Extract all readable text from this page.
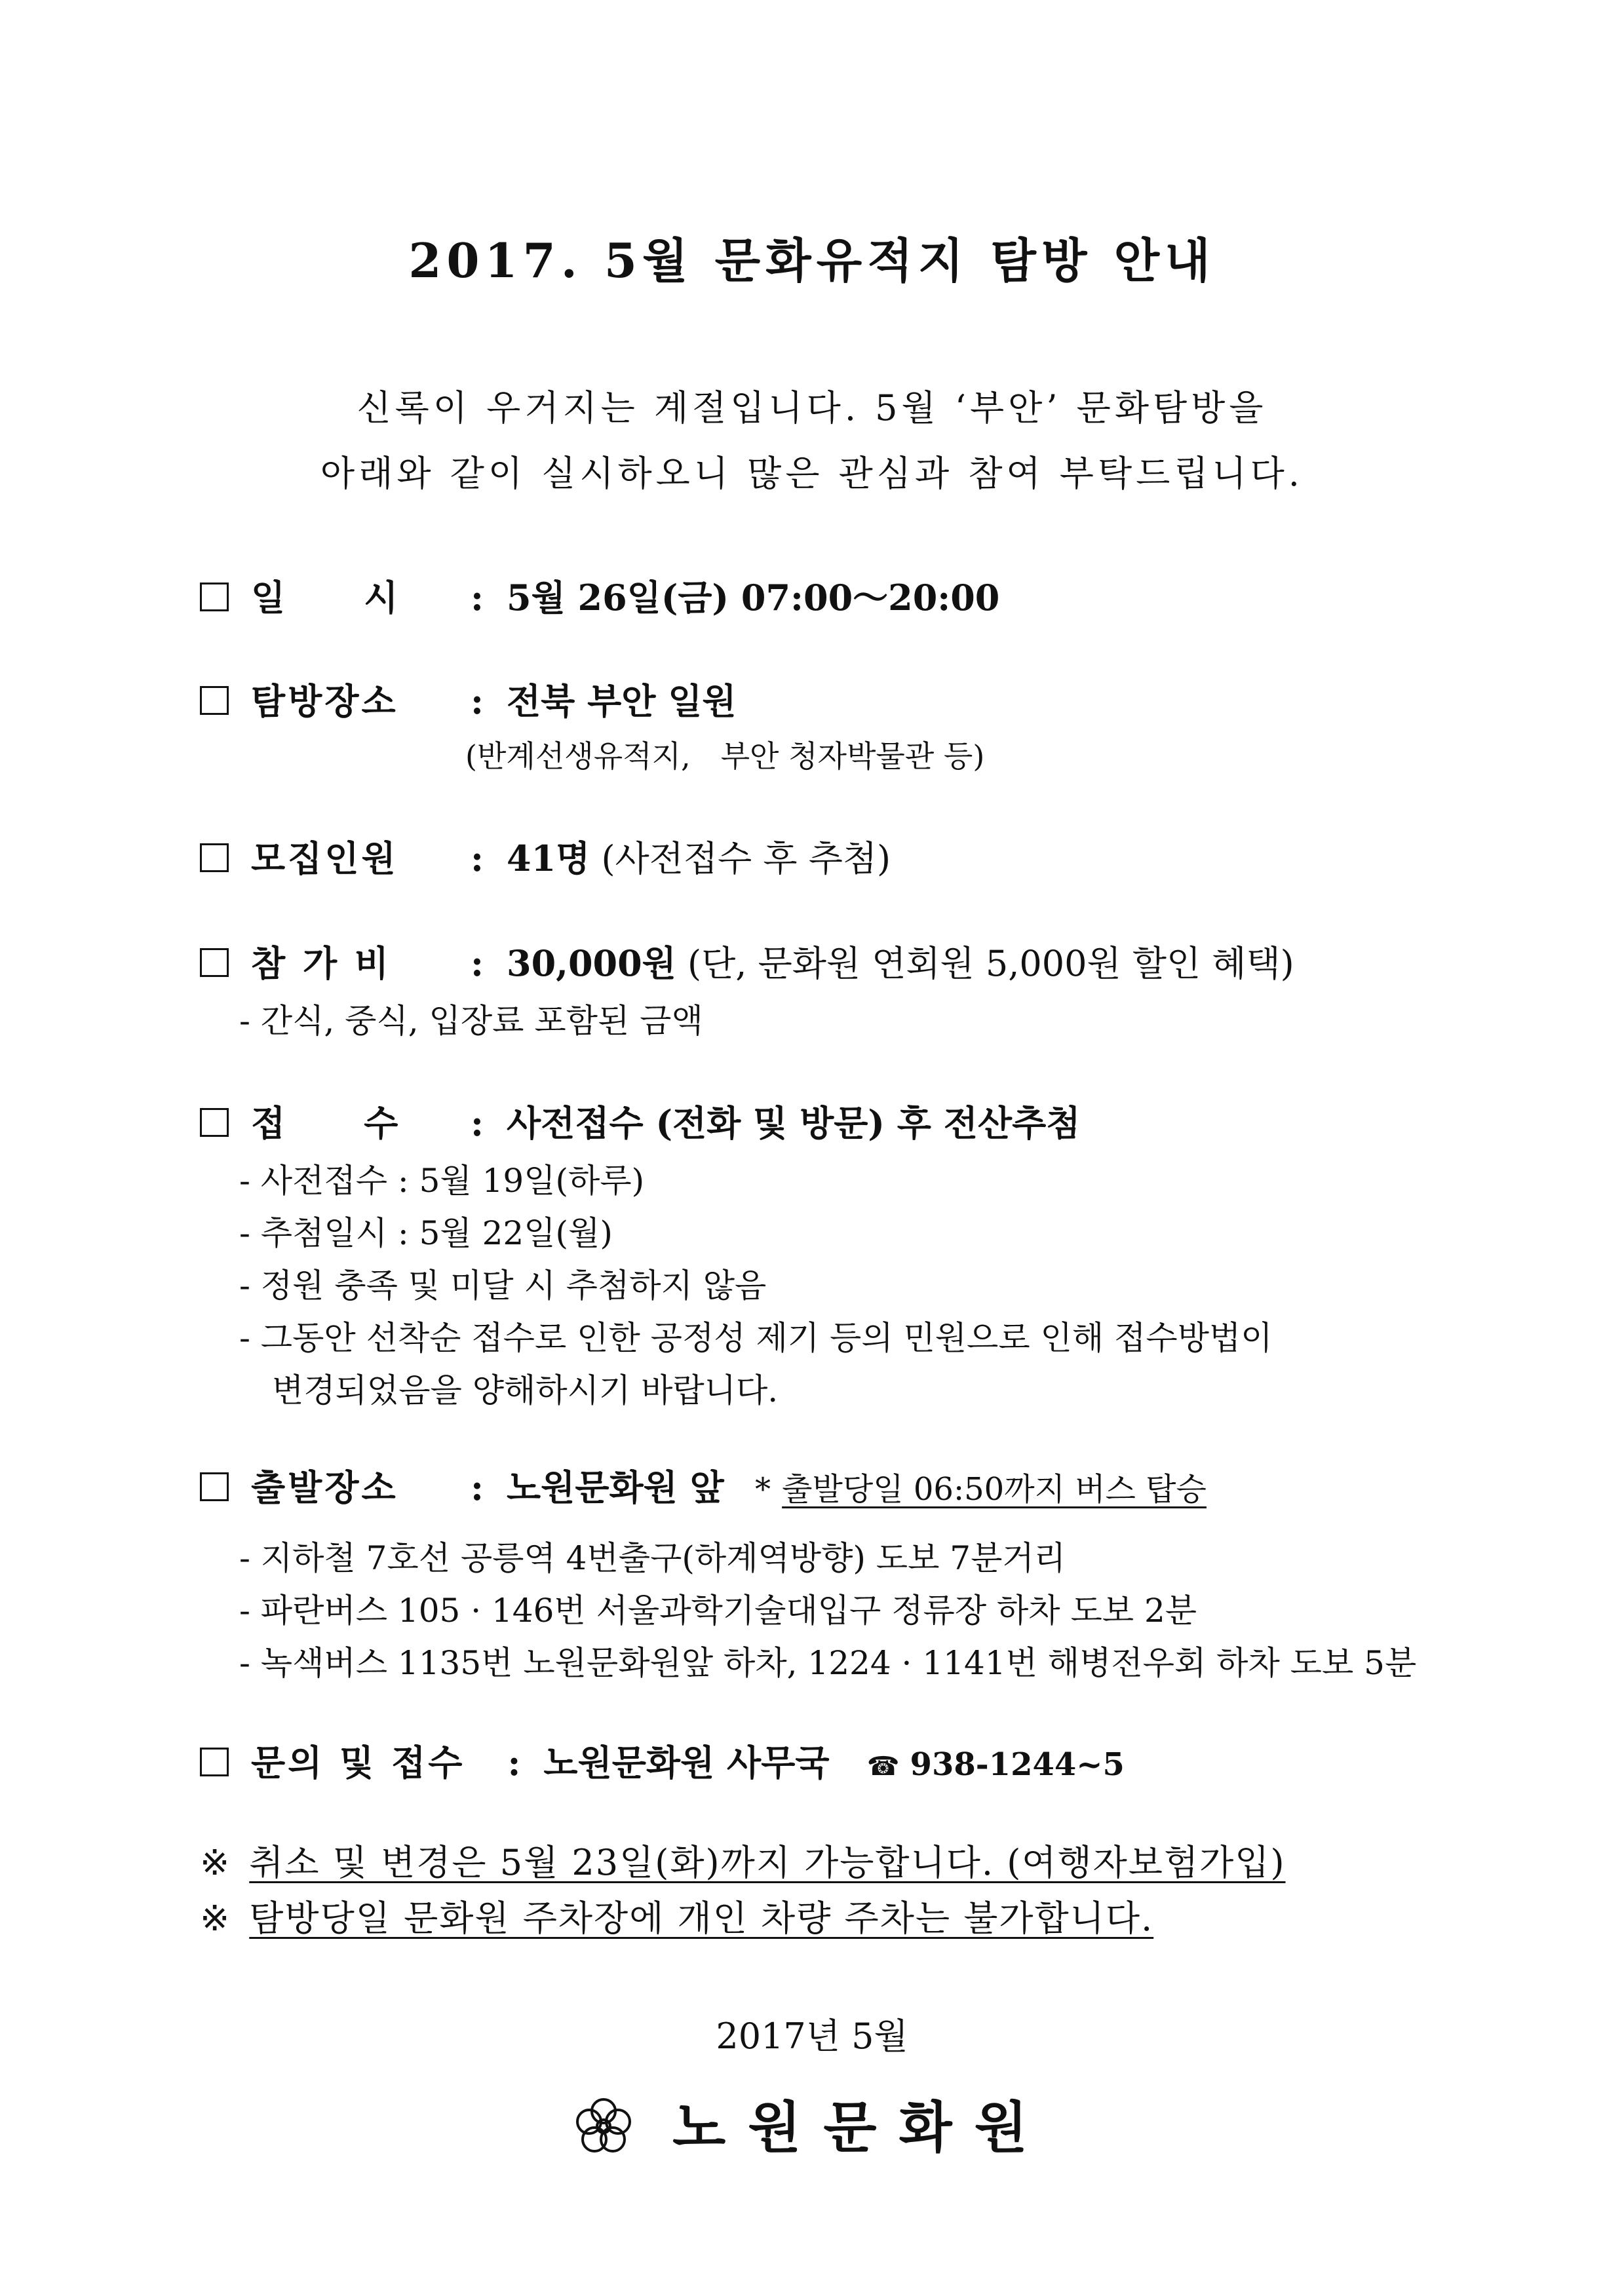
2017. 5월 문화유적지 탐방 안내
신록이 우거지는 계절입니다. 5월 ‘부안’ 문화탐방을
아래와 같이 실시하오니 많은 관심과 참여 부탁드립니다.
일　　시 : 5월 26일(금) 07:00～20:00
탐방장소 : 전북 부안 일원
(반계선생유적지,　부안 청자박물관 등)
모집인원 : 41명 (사전접수 후 추첨)
참 가 비 : 30,000원 (단, 문화원 연회원 5,000원 할인 혜택)
- 간식, 중식, 입장료 포함된 금액
접　　수 : 사전접수 (전화 및 방문) 후 전산추첨
- 사전접수 : 5월 19일(하루)
- 추첨일시 : 5월 22일(월)
- 정원 충족 및 미달 시 추첨하지 않음
- 그동안 선착순 접수로 인한 공정성 제기 등의 민원으로 인해 접수방법이
　변경되었음을 양해하시기 바랍니다.
출발장소 : 노원문화원 앞 * 출발당일 06:50까지 버스 탑승
- 지하철 7호선 공릉역 4번출구(하계역방향) 도보 7분거리
- 파란버스 105 · 146번 서울과학기술대입구 정류장 하차 도보 2분
- 녹색버스 1135번 노원문화원앞 하차, 1224 · 1141번 해병전우회 하차 도보 5분
문의 및 접수 : 노원문화원 사무국 ☎ 938-1244~5
※ 취소 및 변경은 5월 23일(화)까지 가능합니다. (여행자보험가입)
※ 탐방당일 문화원 주차장에 개인 차량 주차는 불가합니다.
2017년 5월
노원문화원
